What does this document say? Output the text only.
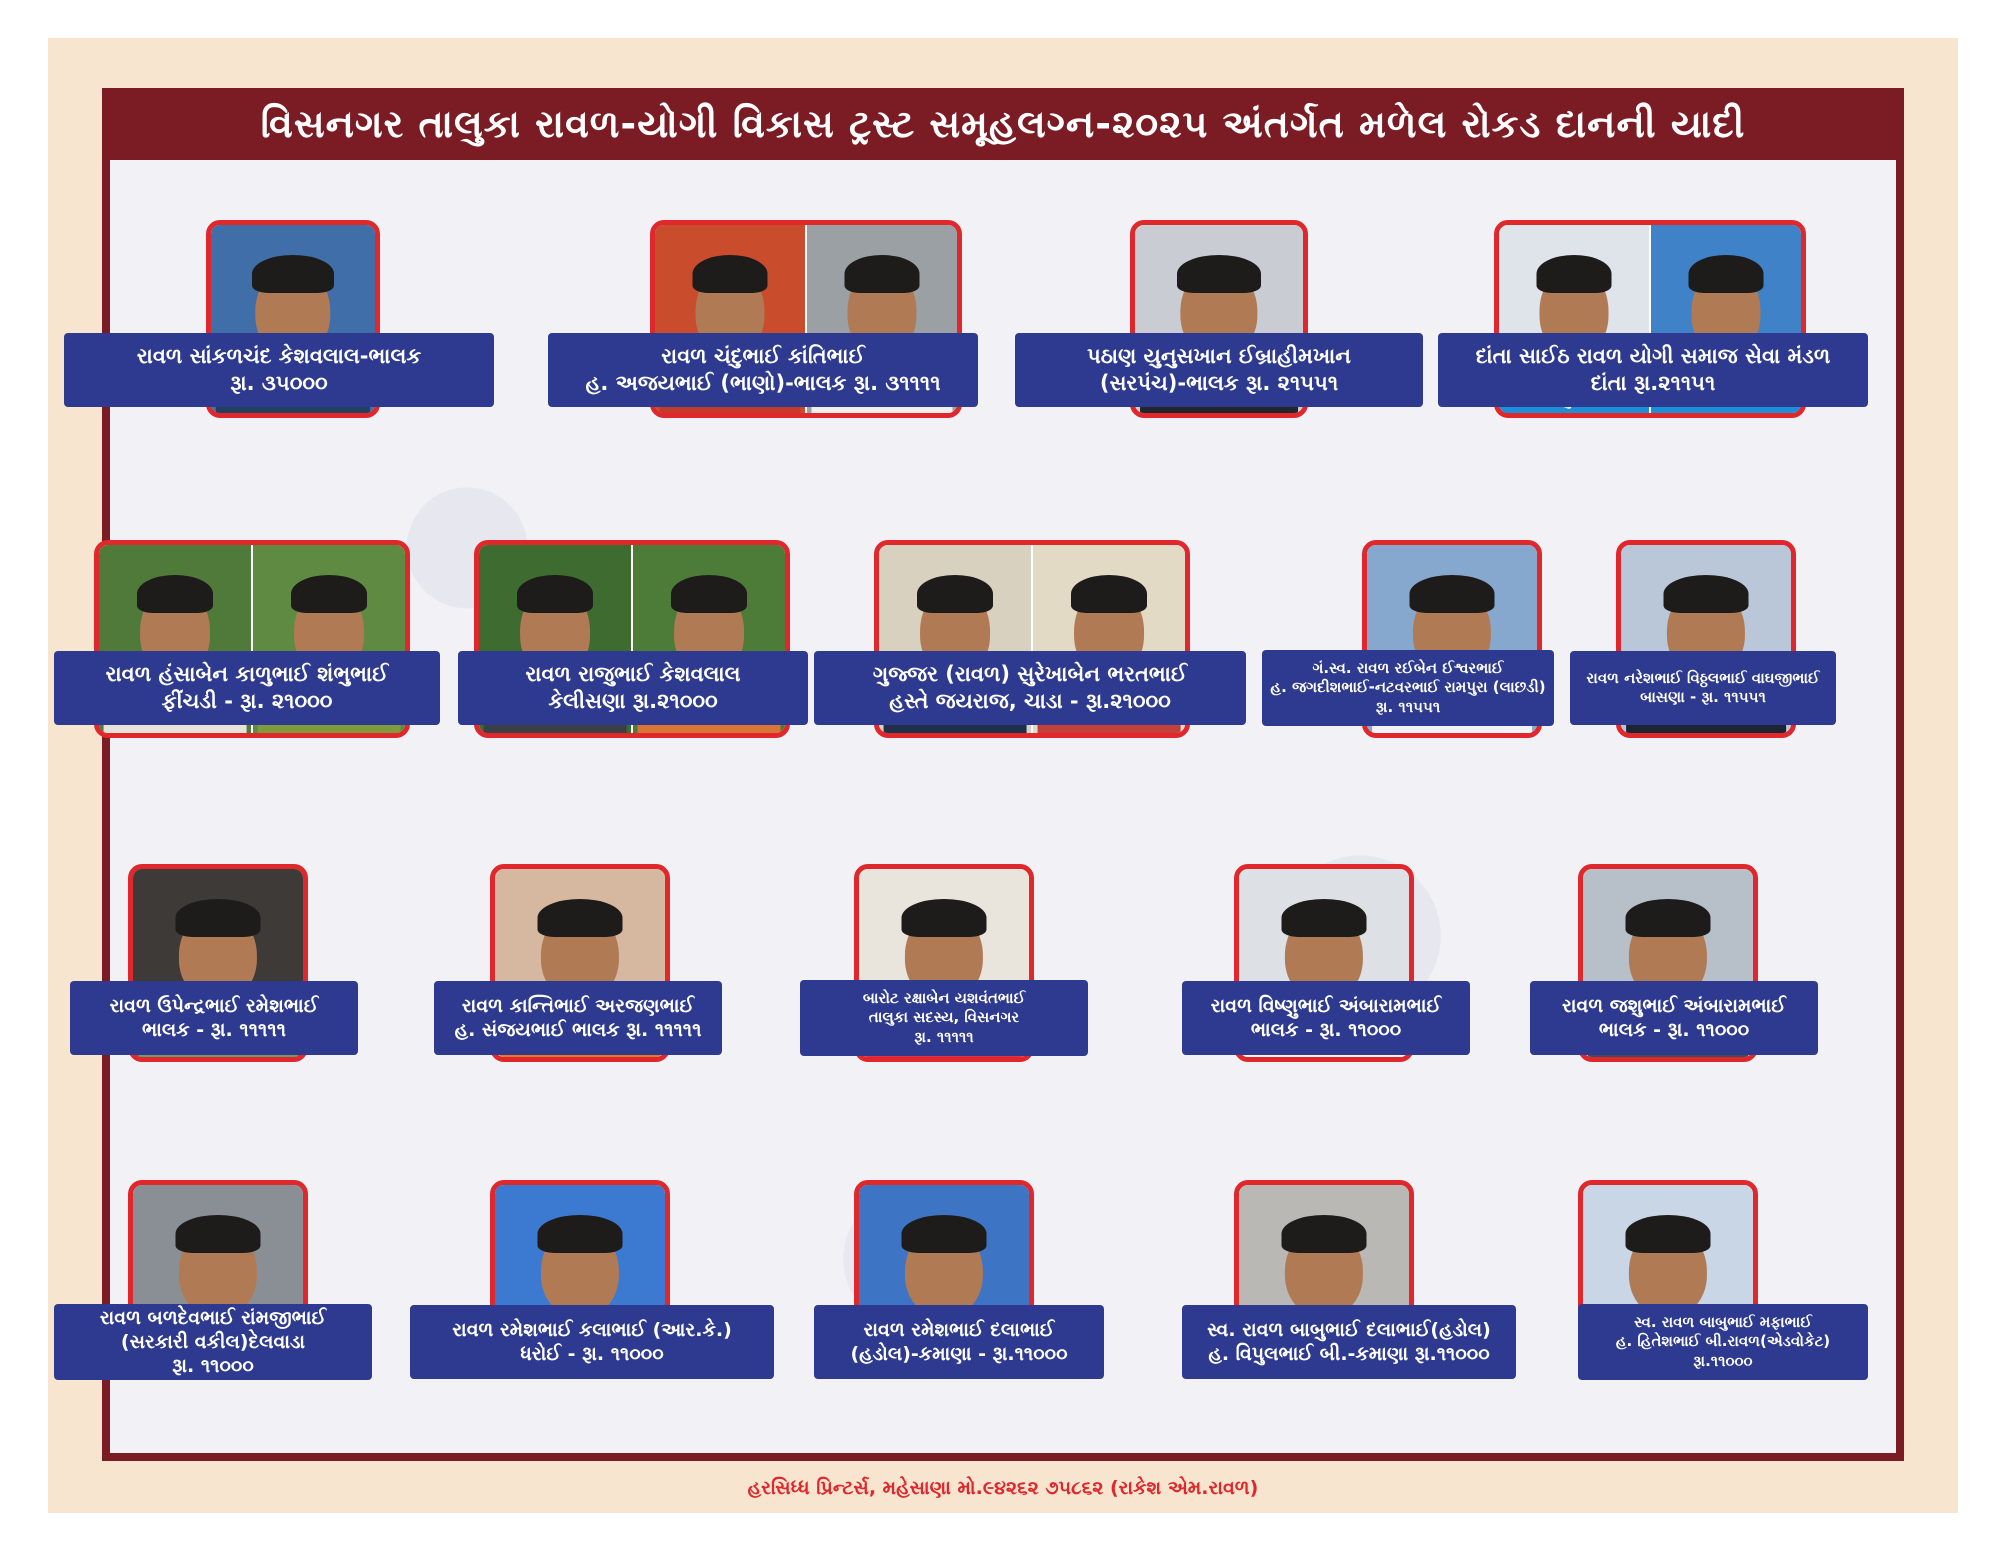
વિસનગર તાલુકા રાવળ-યોગી વિકાસ ટ્રસ્ટ સમૂહલગ્ન-૨૦૨૫ અંતર્ગત મળેલ રોકડ દાનની યાદી
રાવળ સાંકળચંદ કેશવલાલ-ભાલક
રૂા. ૩૫૦૦૦
રાવળ ચંદુભાઈ કાંતિભાઈ
હ. અજયભાઈ (ભાણો)-ભાલક રૂા. ૩૧૧૧૧
પઠાણ યુનુસખાન ઈબ્રાહીમખાન
(સરપંચ)-ભાલક રૂા. ૨૧૫૫૧
દાંતા સાઈઠ રાવળ યોગી સમાજ સેવા મંડળ
દાંતા રૂા.૨૧૧૫૧
રાવળ હંસાબેન કાળુભાઈ શંભુભાઈ
ફીંચડી - રૂા. ૨૧૦૦૦
રાવળ રાજુભાઈ કેશવલાલ
કેલીસણા રૂા.૨૧૦૦૦
ગુજ્જર (રાવળ) સુરેખાબેન ભરતભાઈ
હસ્તે જયરાજ, ચાડા - રૂા.૨૧૦૦૦
ગં.સ્વ. રાવળ રઈબેન ઈશ્વરભાઈ
હ. જગદીશભાઈ-નટવરભાઈ રામપુરા (લાછડી)
રૂા. ૧૧૫૫૧
રાવળ નરેશભાઈ વિઠ્ઠલભાઈ વાઘજીભાઈ
બાસણા - રૂા. ૧૧૫૫૧
રાવળ ઉપેન્દ્રભાઈ રમેશભાઈ
ભાલક - રૂા. ૧૧૧૧૧
રાવળ કાન્તિભાઈ અરજણભાઈ
હ. સંજયભાઈ ભાલક રૂા. ૧૧૧૧૧
બારોટ રક્ષાબેન યશવંતભાઈ
તાલુકા સદસ્ય, વિસનગર
રૂા. ૧૧૧૧૧
રાવળ વિષ્ણુભાઈ અંબારામભાઈ
ભાલક - રૂા. ૧૧૦૦૦
રાવળ જશુભાઈ અંબારામભાઈ
ભાલક - રૂા. ૧૧૦૦૦
રાવળ બળદેવભાઈ રાંમજીભાઈ
(સરકારી વકીલ)દેલવાડા
રૂા. ૧૧૦૦૦
રાવળ રમેશભાઈ કલાભાઈ (આર.કે.)
ધરોઈ - રૂા. ૧૧૦૦૦
રાવળ રમેશભાઈ દલાભાઈ
(હડોલ)-કમાણા - રૂા.૧૧૦૦૦
સ્વ. રાવળ બાબુભાઈ દલાભાઈ(હડોલ)
હ. વિપુલભાઈ બી.-કમાણા રૂા.૧૧૦૦૦
સ્વ. રાવળ બાબુભાઈ મફાભાઈ
હ. હિતેશભાઈ બી.રાવળ(એડવોકેટ)
રૂા.૧૧૦૦૦
હરસિધ્ધ પ્રિન્ટર્સ, મહેસાણા મો.૯૪૨૬૨ ૭૫૮૬૨ (રાકેશ એમ.રાવળ)
